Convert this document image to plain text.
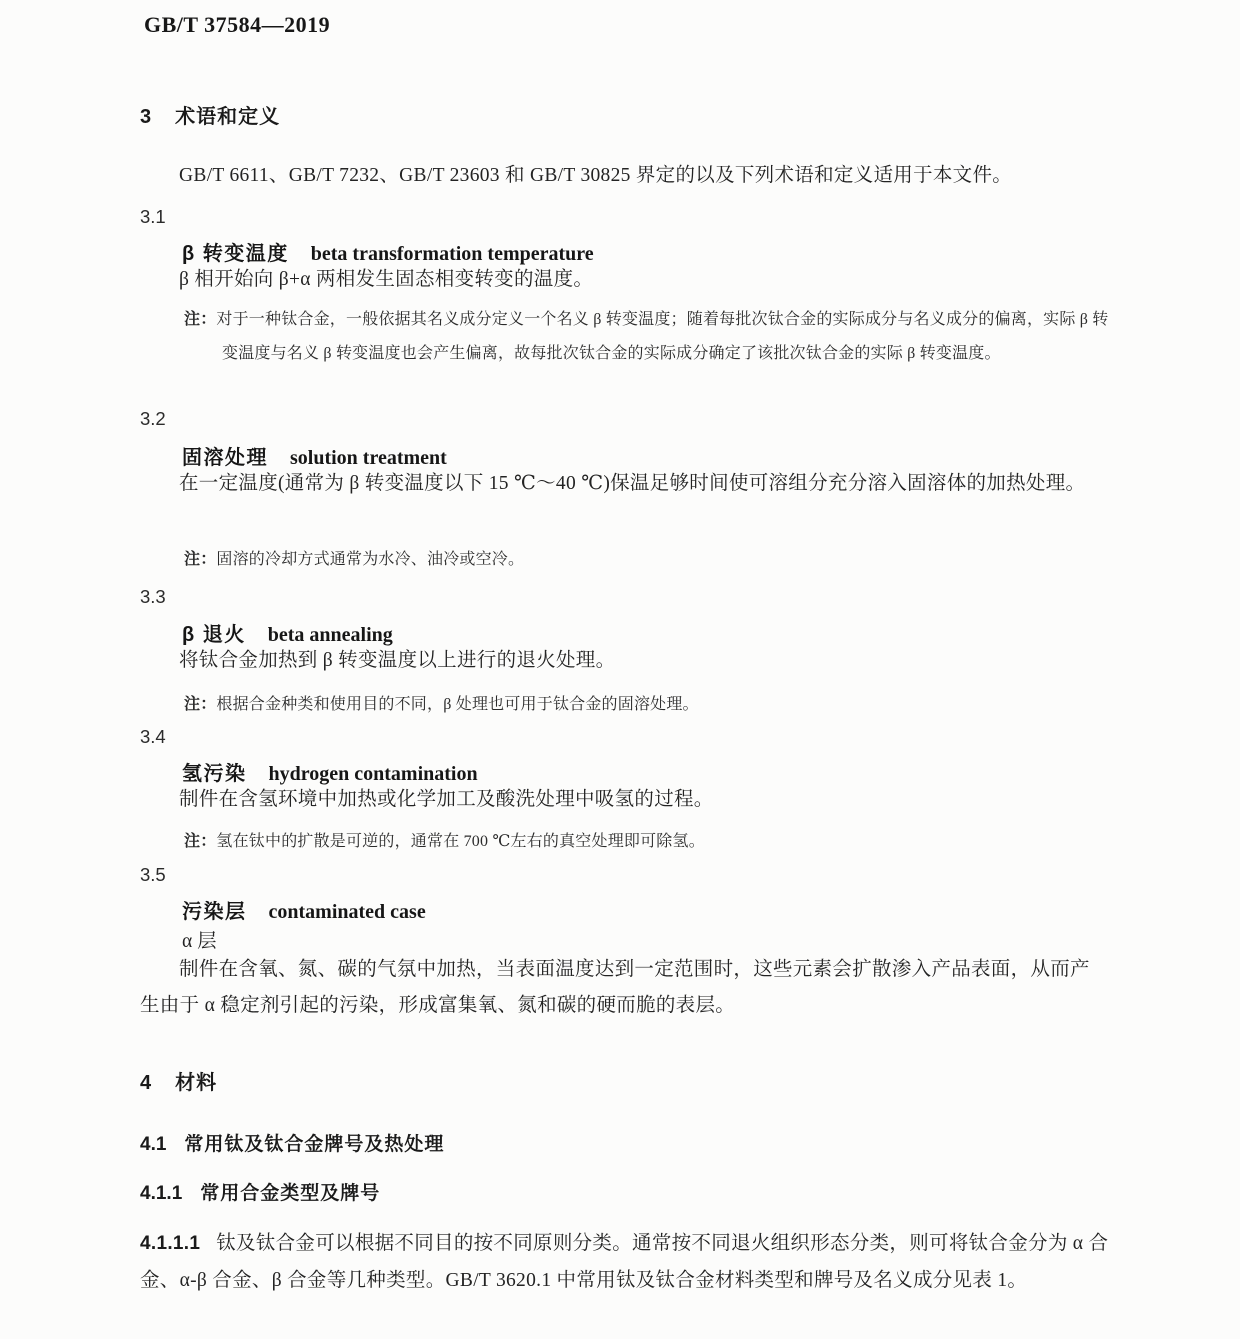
GB/T 37584—2019
3 术语和定义

GB/T 6611、GB/T 7232、GB/T 23603 和 GB/T 30825 界定的以及下列术语和定义适用于本文件。

3.1
β 转变温度 beta transformation temperature

β 相开始向 β+α 两相发生固态相变转变的温度。

注：对于一种钛合金，一般依据其名义成分定义一个名义 β 转变温度；随着每批次钛合金的实际成分与名义成分的偏离，实际 β 转变温度与名义 β 转变温度也会产生偏离，故每批次钛合金的实际成分确定了该批次钛合金的实际 β 转变温度。
3.2
固溶处理 solution treatment

在一定温度(通常为 β 转变温度以下 15 ℃～40 ℃)保温足够时间使可溶组分充分溶入固溶体的加热处理。

注：固溶的冷却方式通常为水冷、油冷或空冷。
3.3
β 退火 beta annealing

将钛合金加热到 β 转变温度以上进行的退火处理。

注：根据合金种类和使用目的不同，β 处理也可用于钛合金的固溶处理。
3.4
氢污染 hydrogen contamination

制件在含氢环境中加热或化学加工及酸洗处理中吸氢的过程。

注：氢在钛中的扩散是可逆的，通常在 700 ℃左右的真空处理即可除氢。
3.5
污染层 contaminated case
α 层

制件在含氧、氮、碳的气氛中加热，当表面温度达到一定范围时，这些元素会扩散渗入产品表面，从而产生由于 α 稳定剂引起的污染，形成富集氧、氮和碳的硬而脆的表层。

4 材料
4.1 常用钛及钛合金牌号及热处理
4.1.1 常用合金类型及牌号

4.1.1.1 钛及钛合金可以根据不同目的按不同原则分类。通常按不同退火组织形态分类，则可将钛合金分为 α 合金、α-β 合金、β 合金等几种类型。GB/T 3620.1 中常用钛及钛合金材料类型和牌号及名义成分见表 1。
